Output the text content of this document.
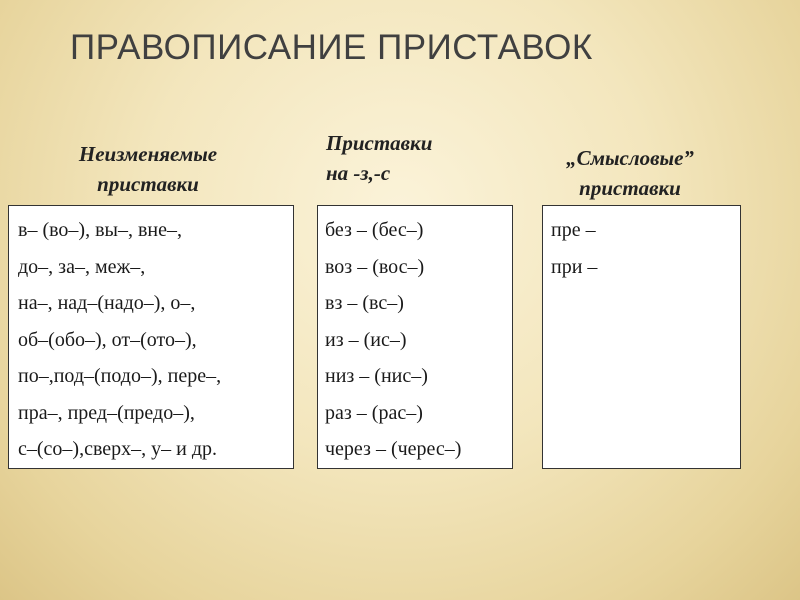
ПРАВОПИСАНИЕ ПРИСТАВОК
Неизменяемые
приставки
Приставки
на -з,-с
„Смысловые”
приставки
в– (во–), вы–, вне–,
до–, за–, меж–,
на–, над–(надо–), о–,
об–(обо–), от–(ото–),
по–,под–(подо–), пере–,
пра–, пред–(предо–),
с–(со–),сверх–, у– и др.
без – (бес–)
воз – (вос–)
вз – (вс–)
из – (ис–)
низ – (нис–)
раз – (рас–)
через – (черес–)
пре –
при –
